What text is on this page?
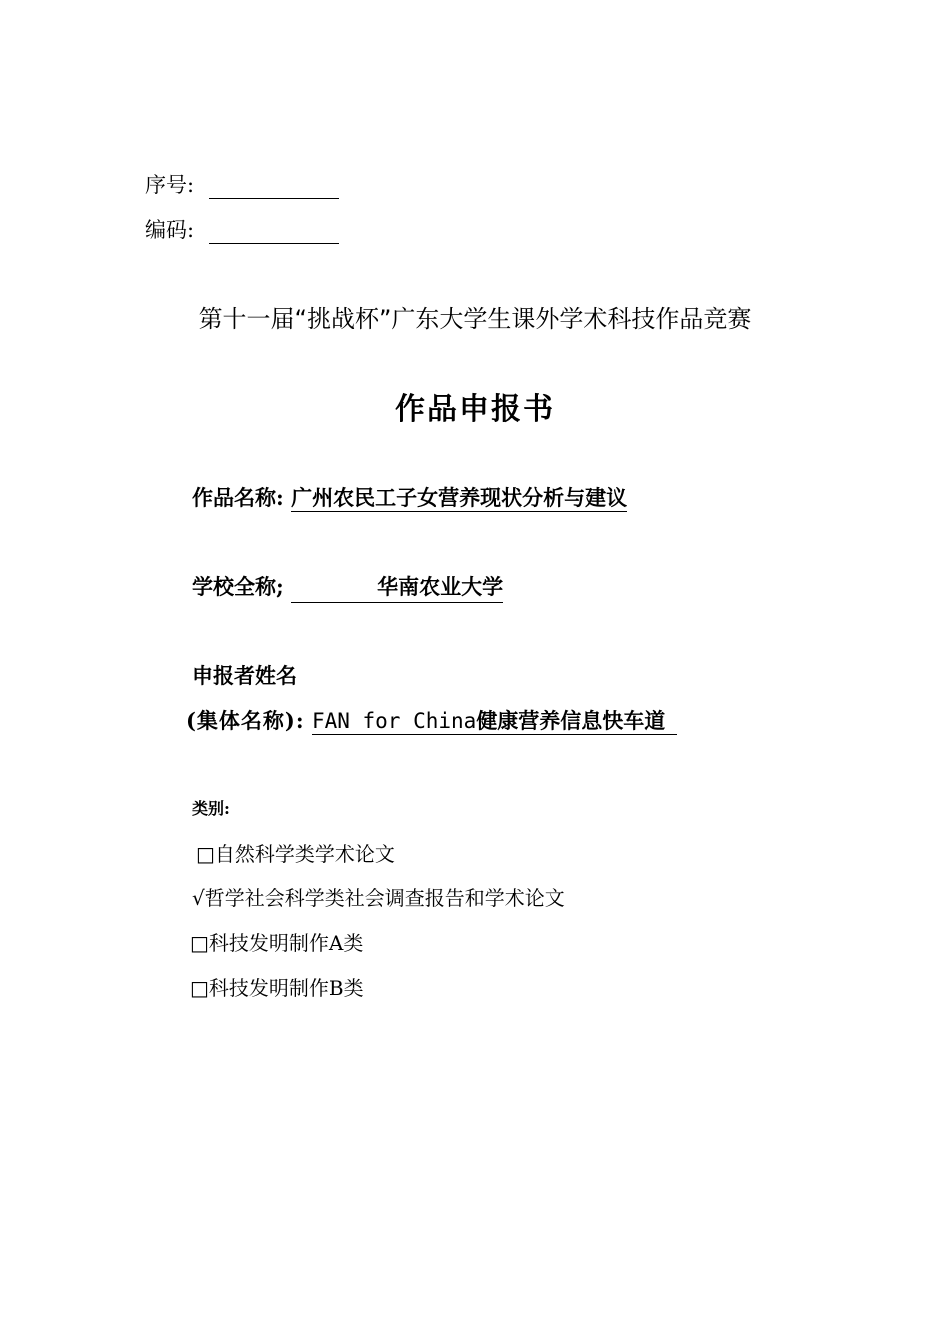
序号:
编码:
第十一届“挑战杯”广东大学生课外学术科技作品竞赛
作品申报书
作品名称: 广州农民工子女营养现状分析与建议
学校全称;	华南农业大学
申报者姓名
(集体名称): FAN for China健康营养信息快车道
类别:
□自然科学类学术论文
√哲学社会科学类社会调查报告和学术论文
□科技发明制作A类
□科技发明制作B类
